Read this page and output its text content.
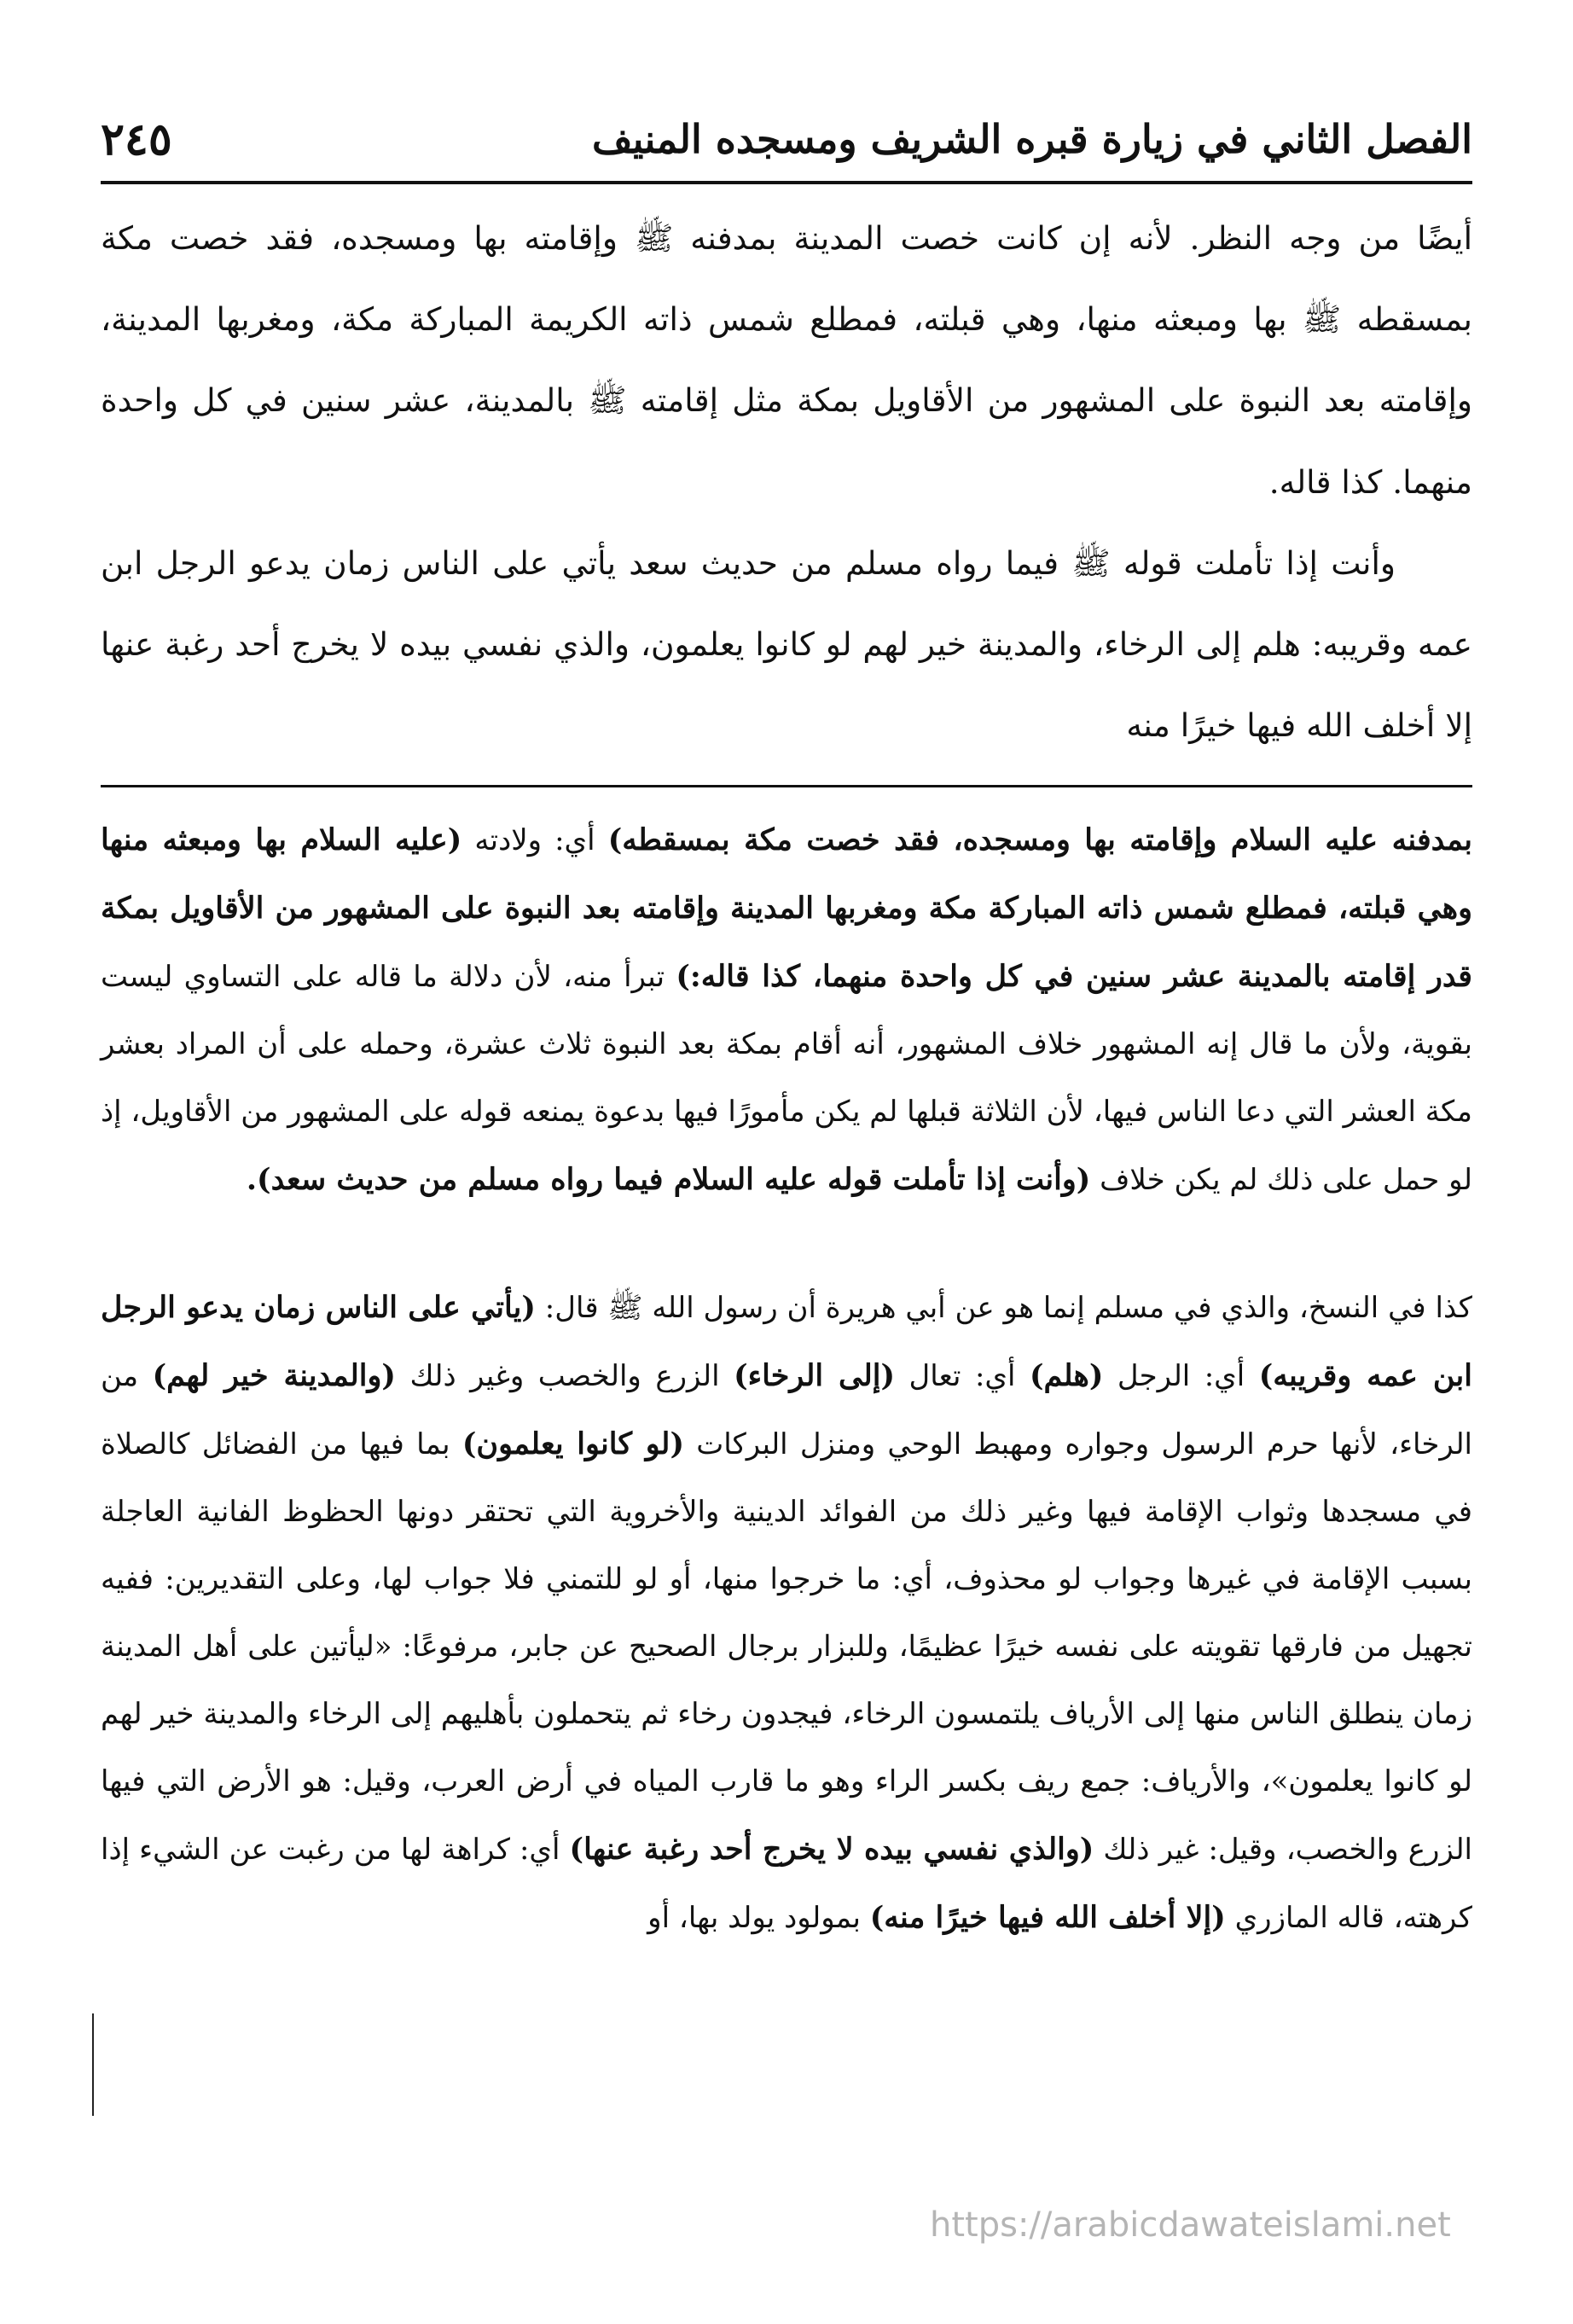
الفصل الثاني في زيارة قبره الشريف ومسجده المنيف
٢٤٥

أيضًا من وجه النظر. لأنه إن كانت خصت المدينة بمدفنه ﷺ وإقامته بها ومسجده، فقد خصت مكة بمسقطه ﷺ بها ومبعثه منها، وهي قبلته، فمطلع شمس ذاته الكريمة المباركة مكة، ومغربها المدينة، وإقامته بعد النبوة على المشهور من الأقاويل بمكة مثل إقامته ﷺ بالمدينة، عشر سنين في كل واحدة منهما. كذا قاله.

وأنت إذا تأملت قوله ﷺ فيما رواه مسلم من حديث سعد يأتي على الناس زمان يدعو الرجل ابن عمه وقريبه: هلم إلى الرخاء، والمدينة خير لهم لو كانوا يعلمون، والذي نفسي بيده لا يخرج أحد رغبة عنها إلا أخلف الله فيها خيرًا منه

بمدفنه عليه السلام وإقامته بها ومسجده، فقد خصت مكة بمسقطه) أي: ولادته (عليه السلام بها ومبعثه منها وهي قبلته، فمطلع شمس ذاته المباركة مكة ومغربها المدينة وإقامته بعد النبوة على المشهور من الأقاويل بمكة قدر إقامته بالمدينة عشر سنين في كل واحدة منهما، كذا قاله:) تبرأ منه، لأن دلالة ما قاله على التساوي ليست بقوية، ولأن ما قال إنه المشهور خلاف المشهور، أنه أقام بمكة بعد النبوة ثلاث عشرة، وحمله على أن المراد بعشر مكة العشر التي دعا الناس فيها، لأن الثلاثة قبلها لم يكن مأمورًا فيها بدعوة يمنعه قوله على المشهور من الأقاويل، إذ لو حمل على ذلك لم يكن خلاف (وأنت إذا تأملت قوله عليه السلام فيما رواه مسلم من حديث سعد).

كذا في النسخ، والذي في مسلم إنما هو عن أبي هريرة أن رسول الله ﷺ قال: (يأتي على الناس زمان يدعو الرجل ابن عمه وقريبه) أي: الرجل (هلم) أي: تعال (إلى الرخاء) الزرع والخصب وغير ذلك (والمدينة خير لهم) من الرخاء، لأنها حرم الرسول وجواره ومهبط الوحي ومنزل البركات (لو كانوا يعلمون) بما فيها من الفضائل كالصلاة في مسجدها وثواب الإقامة فيها وغير ذلك من الفوائد الدينية والأخروية التي تحتقر دونها الحظوظ الفانية العاجلة بسبب الإقامة في غيرها وجواب لو محذوف، أي: ما خرجوا منها، أو لو للتمني فلا جواب لها، وعلى التقديرين: ففيه تجهيل من فارقها تقويته على نفسه خيرًا عظيمًا، وللبزار برجال الصحيح عن جابر، مرفوعًا: «ليأتين على أهل المدينة زمان ينطلق الناس منها إلى الأرياف يلتمسون الرخاء، فيجدون رخاء ثم يتحملون بأهليهم إلى الرخاء والمدينة خير لهم لو كانوا يعلمون»، والأرياف: جمع ريف بكسر الراء وهو ما قارب المياه في أرض العرب، وقيل: هو الأرض التي فيها الزرع والخصب، وقيل: غير ذلك (والذي نفسي بيده لا يخرج أحد رغبة عنها) أي: كراهة لها من رغبت عن الشيء إذا كرهته، قاله المازري (إلا أخلف الله فيها خيرًا منه) بمولود يولد بها، أو

https://arabicdawateislami.net
